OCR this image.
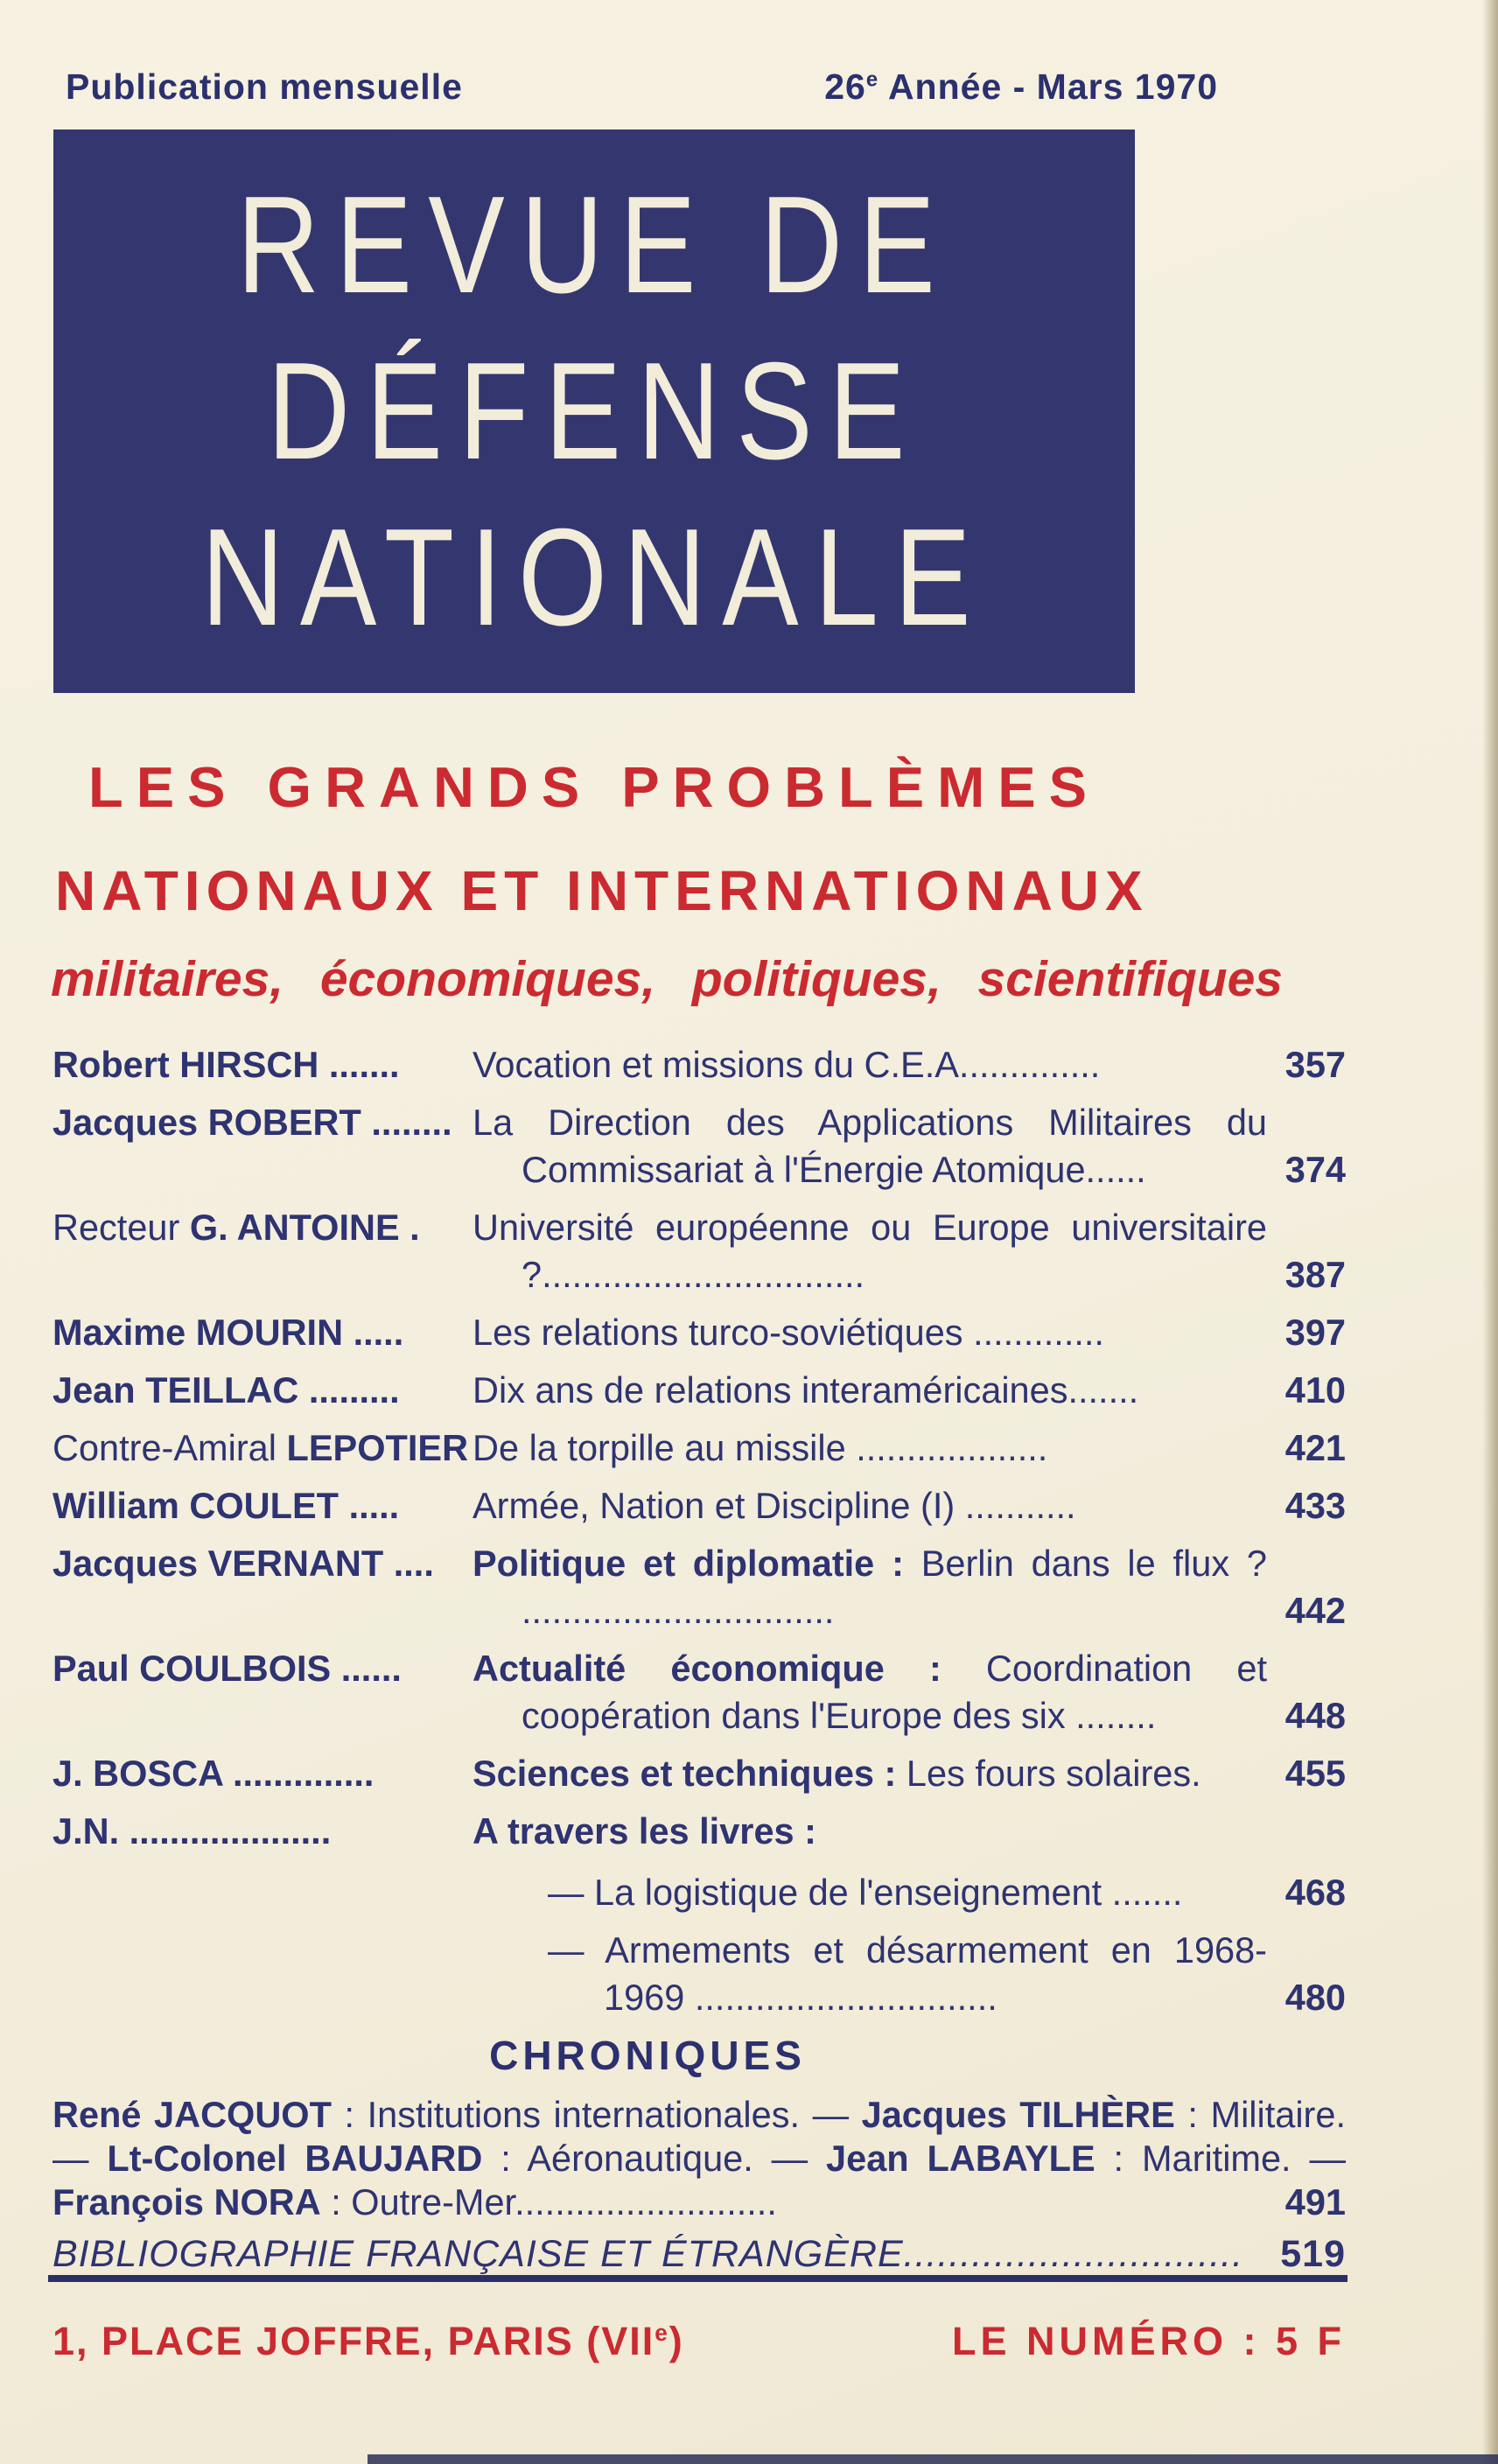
Publication mensuelle	26e Année - Mars 1970
REVUE DE
DÉFENSE
NATIONALE
LES GRANDS PROBLÈMES
NATIONAUX ET INTERNATIONAUX
militaires, économiques, politiques, scientifiques
Robert HIRSCH .......	Vocation et missions du C.E.A..............	357
Jacques ROBERT ........ La Direction des Applications Militaires du Commissariat à l'Énergie Atomique......	374
Recteur G. ANTOINE .	Université européenne ou Europe universitaire ?................................	387
Maxime MOURIN .....	Les relations turco-soviétiques .............	397
Jean TEILLAC .........	Dix ans de relations interaméricaines.......	410
Contre-Amiral LEPOTIER De la torpille au missile ...................	421
William COULET .....	Armée, Nation et Discipline (I) ...........	433
Jacques VERNANT ....	Politique et diplomatie : Berlin dans le flux ? ...............................	442
Paul COULBOIS ......	Actualité économique : Coordination et coopération dans l'Europe des six ........	448
J. BOSCA ..............	Sciences et techniques : Les fours solaires.	455
J.N. ....................	A travers les livres :
— La logistique de l'enseignement .......	468
— Armements et désarmement en 1968-1969 ..............................	480
CHRONIQUES

René JACQUOT : Institutions internationales. — Jacques TILHÈRE : Militaire. — Lt-Colonel BAUJARD : Aéronautique. — Jean LABAYLE : Maritime. — François NORA : Outre-Mer..........................	491

BIBLIOGRAPHIE FRANÇAISE ET ÉTRANGÈRE.............................. 519
1, PLACE JOFFRE, PARIS (VIIe)	LE NUMÉRO : 5 F
